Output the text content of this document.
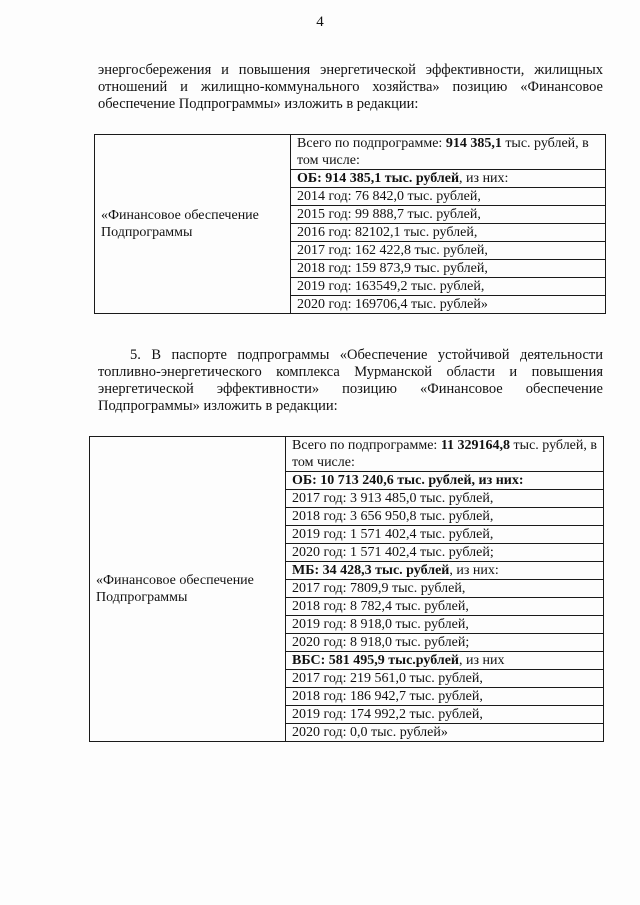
4
энергосбережения и повышения энергетической эффективности, жилищных отношений и жилищно-коммунального хозяйства» позицию «Финансовое обеспечение Подпрограммы» изложить в редакции:
«Финансовое обеспечение Подпрограммы
	Всего по подпрограмме: 914 385,1 тыс. рублей, в том числе:
ОБ: 914 385,1 тыс. рублей, из них:
2014 год: 76 842,0 тыс. рублей,
2015 год: 99 888,7 тыс. рублей,
2016 год: 82102,1 тыс. рублей,
2017 год: 162 422,8 тыс. рублей,
2018 год: 159 873,9 тыс. рублей,
2019 год: 163549,2 тыс. рублей,
2020 год: 169706,4 тыс. рублей»
5. В паспорте подпрограммы «Обеспечение устойчивой деятельности топливно-энергетического комплекса Мурманской области и повышения энергетической эффективности» позицию «Финансовое обеспечение Подпрограммы» изложить в редакции:
«Финансовое обеспечение Подпрограммы
	Всего по подпрограмме: 11 329164,8 тыс. рублей, в том числе:
ОБ: 10 713 240,6 тыс. рублей, из них:
2017 год: 3 913 485,0 тыс. рублей,
2018 год: 3 656 950,8 тыс. рублей,
2019 год: 1 571 402,4 тыс. рублей,
2020 год: 1 571 402,4 тыс. рублей;
МБ: 34 428,3 тыс. рублей, из них:
2017 год: 7809,9 тыс. рублей,
2018 год: 8 782,4 тыс. рублей,
2019 год: 8 918,0 тыс. рублей,
2020 год: 8 918,0 тыс. рублей;
ВБС: 581 495,9 тыс.рублей, из них
2017 год: 219 561,0 тыс. рублей,
2018 год: 186 942,7 тыс. рублей,
2019 год: 174 992,2 тыс. рублей,
2020 год: 0,0 тыс. рублей»
